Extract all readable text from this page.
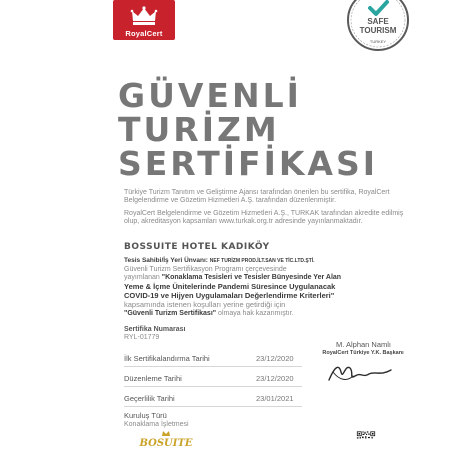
RoyalCert
SAFE
TOURISM
TURKEY
GÜVENLİ
TURİZM
SERTİFİKASI
Türkiye Turizm Tanıtım ve Geliştirme Ajansı tarafından önerilen bu sertifika, RoyalCert Belgelendirme ve Gözetim Hizmetleri A.Ş. tarafından düzenlenmiştir.
RoyalCert Belgelendirme ve Gözetim Hizmetleri A.Ş., TURKAK tarafından akredite edilmiş olup, akreditasyon kapsamları www.turkak.org.tr adresinde yayınlanmaktadır.
BOSSUITE HOTEL KADIKÖY
Tesis Sahibi/İş Yeri Ünvanı: NEF TURİZM PROD.İLT.SAN VE TİC.LTD.ŞTİ.
Güvenli Turizm Sertifikasyon Programı çerçevesinde
yayımlanan "Konaklama Tesisleri ve Tesisler Bünyesinde Yer Alan
Yeme & İçme Ünitelerinde Pandemi Süresince Uygulanacak
COVID-19 ve Hijyen Uygulamaları Değerlendirme Kriterleri"
kapsamında istenen koşulları yerine getirdiği için
"Güvenli Turizm Sertifikası" olmaya hak kazanmıştır.
Sertifika Numarası
RYL-01779
M. Alphan Namlı
RoyalCert Türkiye Y.K. Başkanı
İlk Sertifikalandırma Tarihi	23/12/2020
Düzenleme Tarihi	23/12/2020
Geçerlilik Tarihi	23/01/2021
Kuruluş Türü
Konaklama İşletmesi
BOSUITE
